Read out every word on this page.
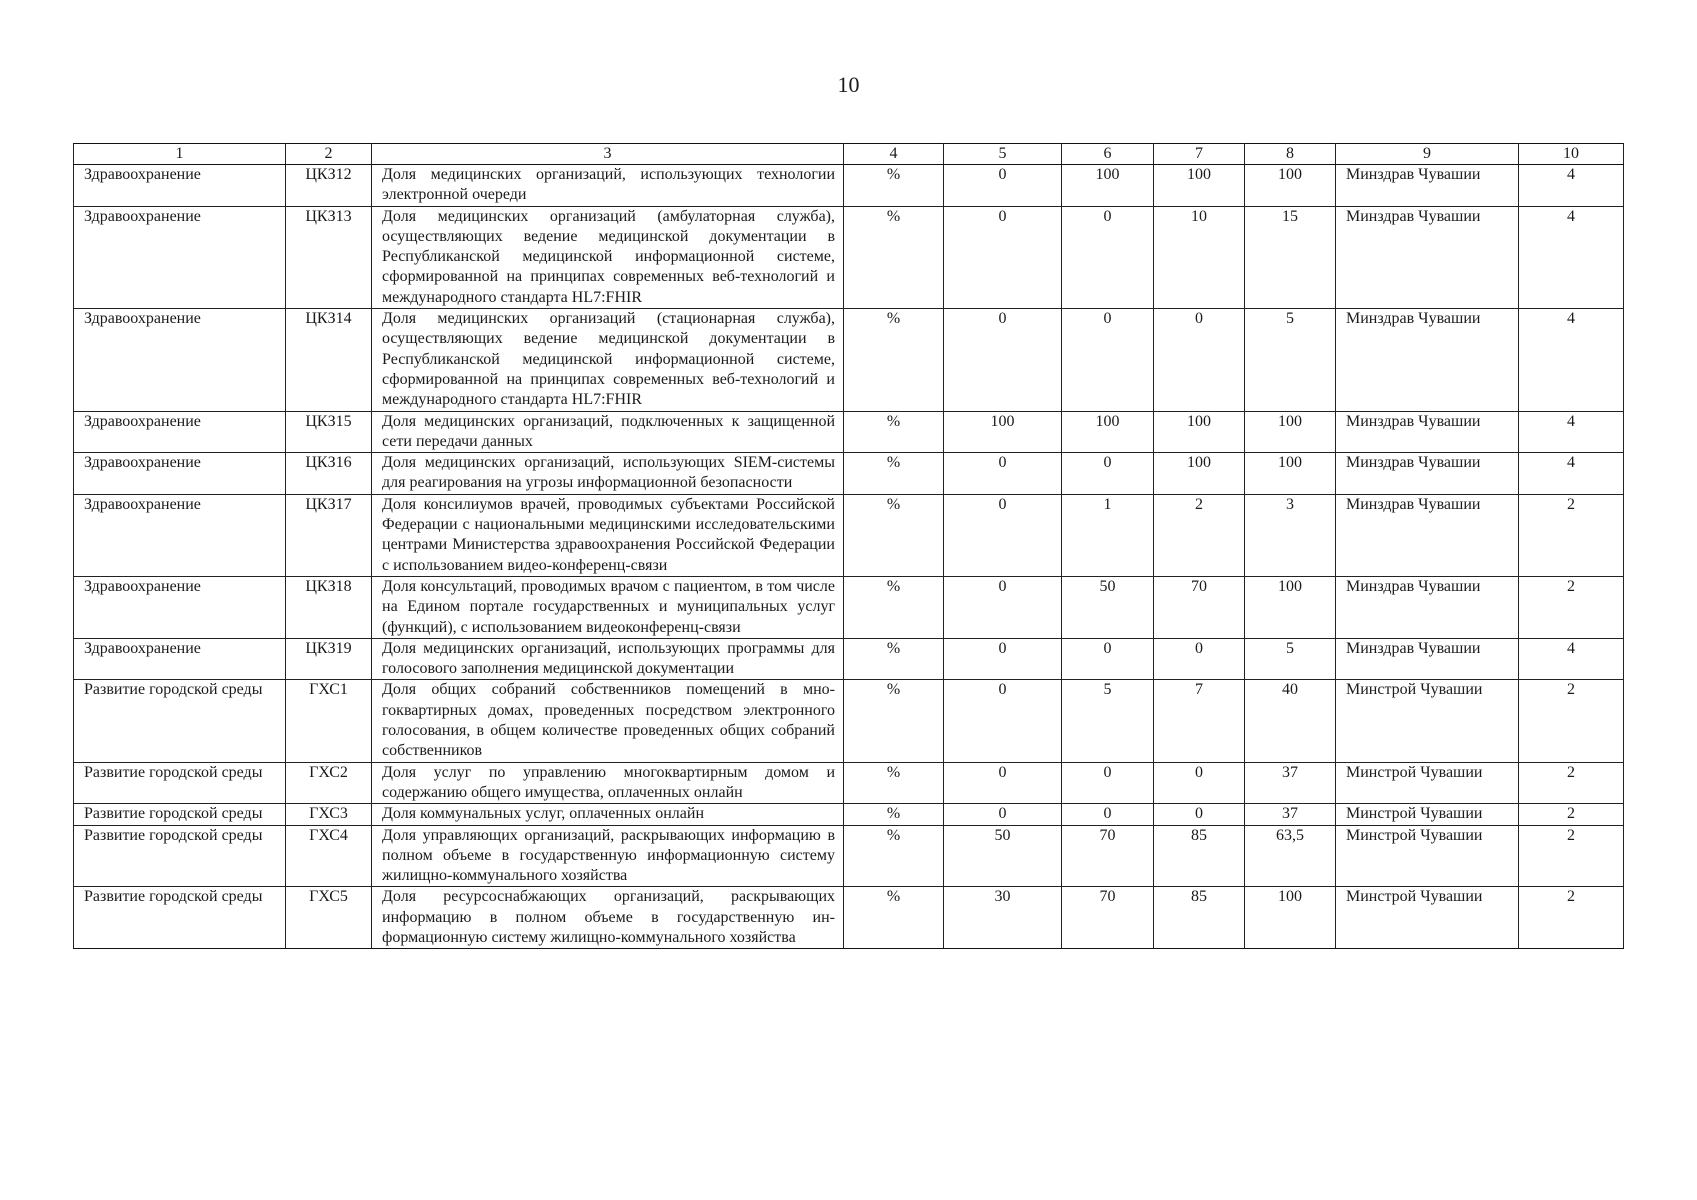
10
1	2	3	4	5	6	7	8	9	10
Здравоохранение	ЦКЗ12	Доля медицинских организаций, использующих технологии электронной очереди	%	0	100	100	100	Минздрав Чувашии	4
Здравоохранение	ЦКЗ13	Доля медицинских организаций (амбулаторная служба), осуществляющих ведение медицинской документации в Республиканской медицинской информационной системе, сформированной на принципах современных веб-технологий и международного стандарта HL7:FHIR	%	0	0	10	15	Минздрав Чувашии	4
Здравоохранение	ЦКЗ14	Доля медицинских организаций (стационарная служба), осуществляющих ведение медицинской документации в Республиканской медицинской информационной системе, сформированной на принципах современных веб-технологий и международного стандарта HL7:FHIR	%	0	0	0	5	Минздрав Чувашии	4
Здравоохранение	ЦКЗ15	Доля медицинских организаций, подключенных к защищенной сети передачи данных	%	100	100	100	100	Минздрав Чувашии	4
Здравоохранение	ЦКЗ16	Доля медицинских организаций, использующих SIEM-системы для реагирования на угрозы информационной безопасности	%	0	0	100	100	Минздрав Чувашии	4
Здравоохранение	ЦКЗ17	Доля консилиумов врачей, проводимых субъектами Российской Федерации с национальными медицинскими исследовательскими центрами Министерства здравоохранения Российской Федерации с использованием видео-конференц-связи	%	0	1	2	3	Минздрав Чувашии	2
Здравоохранение	ЦКЗ18	Доля консультаций, проводимых врачом с пациентом, в том числе на Едином портале государственных и муниципальных услуг (функций), с использованием видеоконференц-связи	%	0	50	70	100	Минздрав Чувашии	2
Здравоохранение	ЦКЗ19	Доля медицинских организаций, использующих программы для голосового заполнения медицинской документации	%	0	0	0	5	Минздрав Чувашии	4
Развитие городской среды	ГХС1	Доля общих собраний собственников помещений в многоквартирных домах, проведенных посредством электронного голосования, в общем количестве проведенных общих собраний собственников	%	0	5	7	40	Минстрой Чувашии	2
Развитие городской среды	ГХС2	Доля услуг по управлению многоквартирным домом и содержанию общего имущества, оплаченных онлайн	%	0	0	0	37	Минстрой Чувашии	2
Развитие городской среды	ГХС3	Доля коммунальных услуг, оплаченных онлайн	%	0	0	0	37	Минстрой Чувашии	2
Развитие городской среды	ГХС4	Доля управляющих организаций, раскрывающих информацию в полном объеме в государственную информационную систему жилищно-коммунального хозяйства	%	50	70	85	63,5	Минстрой Чувашии	2
Развитие городской среды	ГХС5	Доля ресурсоснабжающих организаций, раскрывающих информацию в полном объеме в государственную информационную систему жилищно-коммунального хозяйства	%	30	70	85	100	Минстрой Чувашии	2
